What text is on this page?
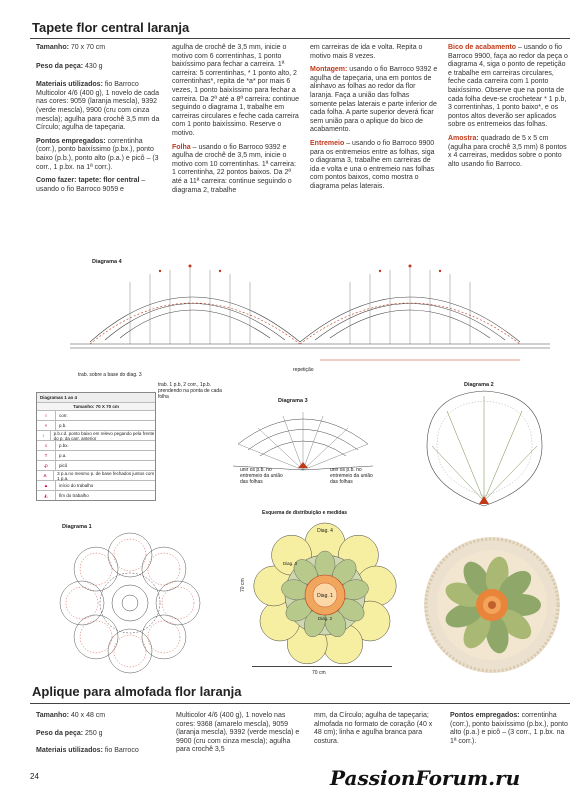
Tapete flor central laranja

Tamanho: 70 x 70 cm

Peso da peça: 430 g

Materiais utilizados: fio Barroco Multicolor 4/6 (400 g), 1 novelo de cada nas cores: 9059 (laranja mescla), 9392 (verde mescla), 9900 (cru com cinza mescla); agulha para crochê 3,5 mm da Círculo; agulha de tapeçaria.

Pontos empregados: correntinha (corr.), ponto baixíssimo (p.bx.), ponto baixo (p.b.), ponto alto (p.a.) e picô – (3 corr., 1 p.bx. na 1ª corr.).

Como fazer: tapete: flor central – usando o fio Barroco 9059 e

agulha de crochê de 3,5 mm, inicie o motivo com 6 correntinhas, 1 ponto baixíssimo para fechar a carreira. 1ª carreira: 5 correntinhas, * 1 ponto alto, 2 correntinhas*, repita de *a* por mais 6 vezes, 1 ponto baixíssimo para fechar a carreira. Da 2ª até a 8ª carreira: continue seguindo o diagrama 1, trabalhe em carreiras circulares e feche cada carreira com 1 ponto baixíssimo. Reserve o motivo.

Folha – usando o fio Barroco 9392 e agulha de crochê de 3,5 mm, inicie o motivo com 10 correntinhas. 1ª carreira: 1 correntinha, 22 pontos baixos. Da 2ª até a 11ª carreira: continue seguindo o diagrama 2, trabalhe

em carreiras de ida e volta. Repita o motivo mais 8 vezes.

Montagem: usando o fio Barroco 9392 e agulha de tapeçaria, una em pontos de alinhavo as folhas ao redor da flor laranja. Faça a união das folhas somente pelas laterais e parte inferior de cada folha. A parte superior deverá ficar sem união para o aplique do bico de acabamento.

Entremeio – usando o fio Barroco 9900 para os entremeios entre as folhas, siga o diagrama 3, trabalhe em carreiras de ida e volta e una o entremeio nas folhas com pontos baixos, como mostra o diagrama pelas laterais.

Bico de acabamento – usando o fio Barroco 9900, faça ao redor da peça o diagrama 4, siga o ponto de repetição e trabalhe em carreiras circulares, feche cada carreira com 1 ponto baixíssimo. Observe que na ponta de cada folha deve-se crochetear * 1 p.b, 3 correntinhas, 1 ponto baixo*, e os pontos altos deverão ser aplicados sobre os entremeios das folhas.

Amostra: quadrado de 5 x 5 cm (agulha para crochê 3,5 mm) 8 pontos x 4 carreiras, medidos sobre o ponto alto usando fio Barroco.

Diagrama 4
trab. sobre a base do diag. 3
repetição
trab. 1 p.b, 2 corr., 1p.b. prendendo na ponta de cada folha
Diagramas 1 ao 4
Tamanho: 70 X 70 cm
○	corr.
×	p.b.
↕	p.b.r.d. ponto baixo em relevo pegando pela frente do p. da carr. anterior
≡	p.bx.
T	p.a.
ꝓ	picô
Ѧ	3 p.a.no mesmo p. de base fechados juntos com 1 p.a.
▲	início do trabalho
◭	fim do trabalho
Diagrama 3
unir os p.b. no entremeio da união das folhas
unir os p.b. no entremeio da união das folhas
Diagrama 2
Diagrama 1
Esquema de distribuição e medidas
Diag. 1
Diag. 4
Diag. 3
Diag. 2
70 cm
70 cm
Aplique para almofada flor laranja

Tamanho: 40 x 48 cm

Peso da peça: 250 g

Materiais utilizados: fio Barroco

Multicolor 4/6 (400 g), 1 novelo nas cores: 9368 (amarelo mescla), 9059 (laranja mescla), 9392 (verde mescla) e 9900 (cru com cinza mescla); agulha para crochê 3,5

mm, da Círculo; agulha de tapeçaria; almofada no formato de coração (40 x 48 cm); linha e agulha branca para costura.

Pontos empregados: correntinha (corr.), ponto baixíssimo (p.bx.), ponto alto (p.a.) e picô – (3 corr., 1 p.bx. na 1ª corr.).

24	PassionForum.ru
